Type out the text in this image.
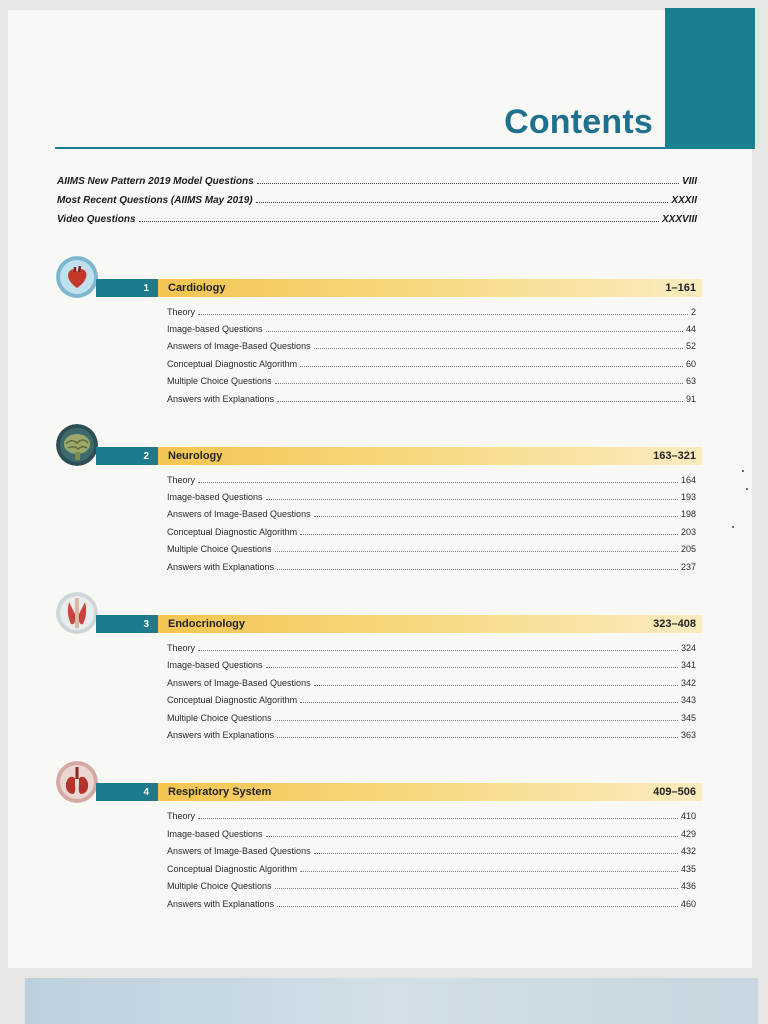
Contents
AIIMS New Pattern 2019 Model Questions	VIII
Most Recent Questions (AIIMS May 2019)	XXXII
Video Questions	XXXVIII
1	Cardiology	1–161
Theory	2
Image-based Questions	44
Answers of Image-Based Questions	52
Conceptual Diagnostic Algorithm	60
Multiple Choice Questions	63
Answers with Explanations	91
2	Neurology	163–321
Theory	164
Image-based Questions	193
Answers of Image-Based Questions	198
Conceptual Diagnostic Algorithm	203
Multiple Choice Questions	205
Answers with Explanations	237
3	Endocrinology	323–408
Theory	324
Image-based Questions	341
Answers of Image-Based Questions	342
Conceptual Diagnostic Algorithm	343
Multiple Choice Questions	345
Answers with Explanations	363
4	Respiratory System	409–506
Theory	410
Image-based Questions	429
Answers of Image-Based Questions	432
Conceptual Diagnostic Algorithm	435
Multiple Choice Questions	436
Answers with Explanations	460
